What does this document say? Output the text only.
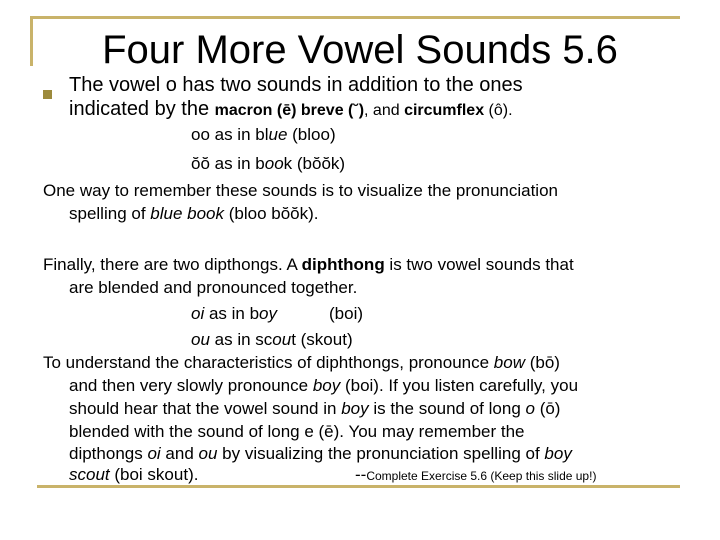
Four More Vowel Sounds 5.6
The vowel o has two sounds in addition to the ones
indicated by the macron (ē) breve (˘), and circumflex (ô).
oo as in blue (bloo)
ŏŏ as in book (bŏŏk)
One way to remember these sounds is to visualize the pronunciation
spelling of blue book (bloo bŏŏk).
Finally, there are two dipthongs. A diphthong is two vowel sounds that
are blended and pronounced together.
oi as in boy	(boi)
ou as in scout (skout)
To understand the characteristics of diphthongs, pronounce bow (bō)
and then very slowly pronounce boy (boi). If you listen carefully, you
should hear that the vowel sound in boy is the sound of long o (ō)
blended with the sound of long e (ē). You may remember the
dipthongs oi and ou by visualizing the pronunciation spelling of boy
scout (boi skout).	--Complete Exercise 5.6 (Keep this slide up!)
